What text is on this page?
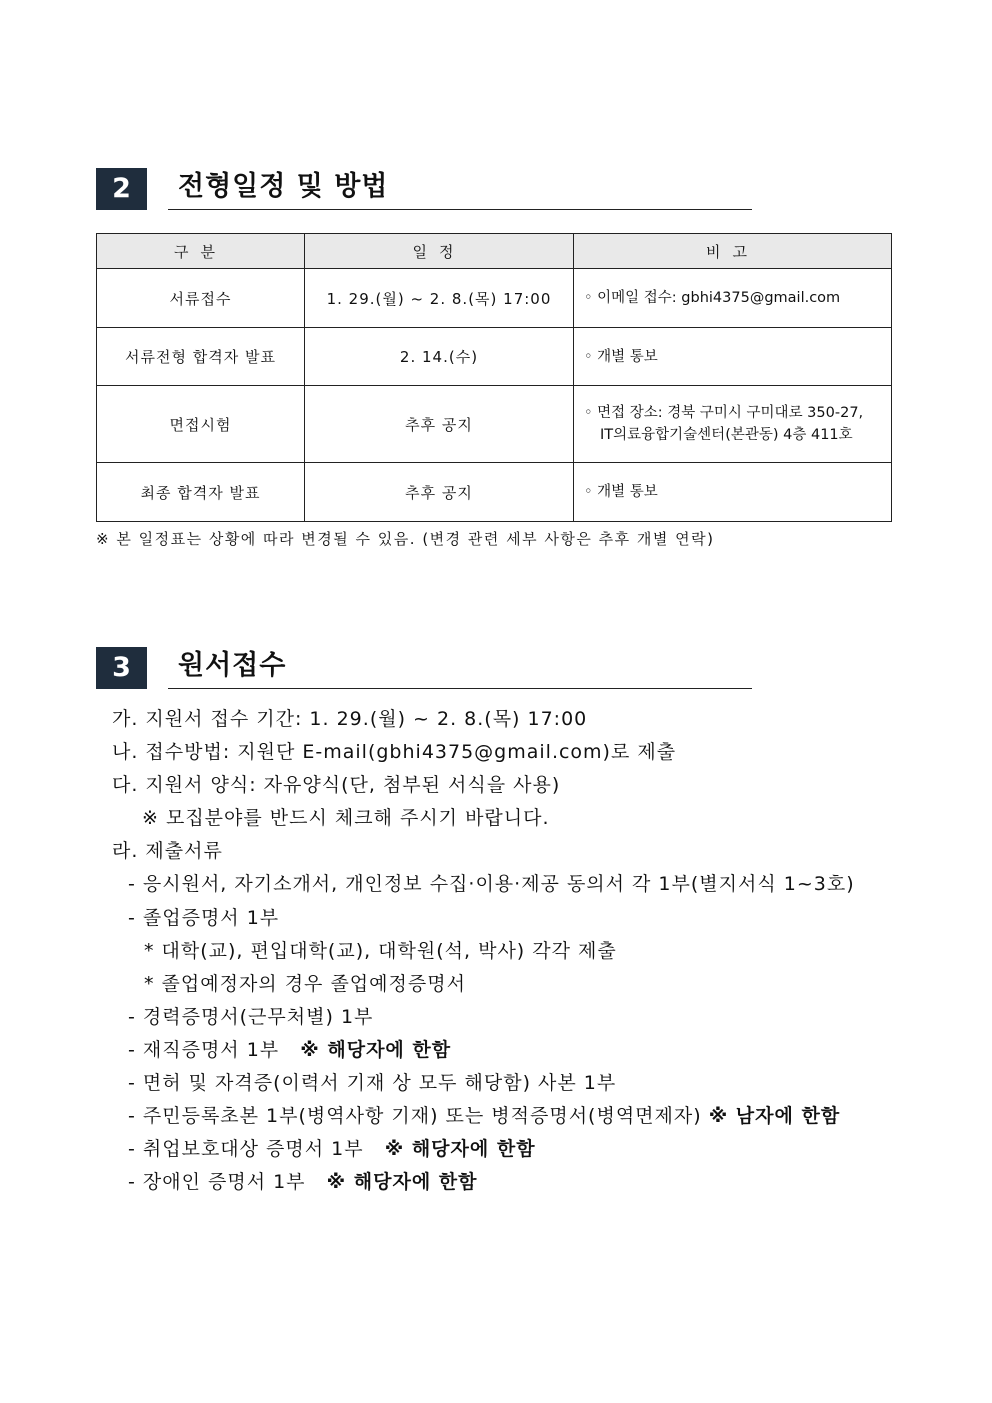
2	전형일정 및 방법
구분	일정	비고
서류접수	1. 29.(월) ~ 2. 8.(목) 17:00	◦ 이메일 접수: gbhi4375@gmail.com

서류전형 합격자 발표	2. 14.(수)	◦ 개별 통보

면접시험	추후 공지	◦ 면접 장소: 경북 구미시 구미대로 350-27,
IT의료융합기술센터(본관동) 4층 411호

최종 합격자 발표	추후 공지	◦ 개별 통보
※ 본 일정표는 상황에 따라 변경될 수 있음. (변경 관련 세부 사항은 추후 개별 연락)
3	원서접수
가. 지원서 접수 기간: 1. 29.(월) ~ 2. 8.(목) 17:00
나. 접수방법: 지원단 E-mail(gbhi4375@gmail.com)로 제출
다. 지원서 양식: 자유양식(단, 첨부된 서식을 사용)
※ 모집분야를 반드시 체크해 주시기 바랍니다.
라. 제출서류
- 응시원서, 자기소개서, 개인정보 수집·이용·제공 동의서 각 1부(별지서식 1~3호)
- 졸업증명서 1부
* 대학(교), 편입대학(교), 대학원(석, 박사) 각각 제출
* 졸업예정자의 경우 졸업예정증명서
- 경력증명서(근무처별) 1부
- 재직증명서 1부 ※ 해당자에 한함
- 면허 및 자격증(이력서 기재 상 모두 해당함) 사본 1부
- 주민등록초본 1부(병역사항 기재) 또는 병적증명서(병역면제자) ※ 남자에 한함
- 취업보호대상 증명서 1부 ※ 해당자에 한함
- 장애인 증명서 1부 ※ 해당자에 한함
